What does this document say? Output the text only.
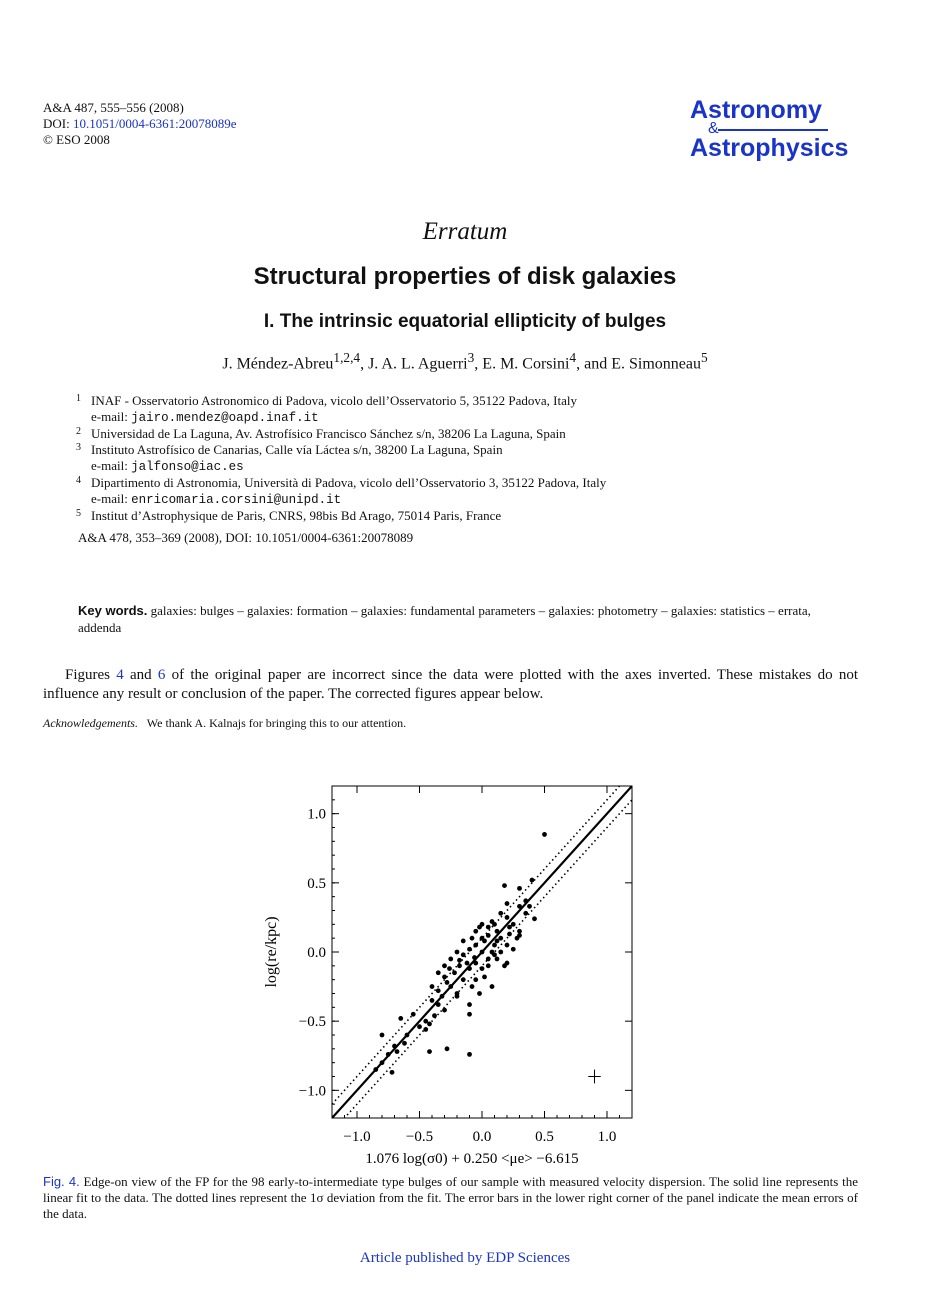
A&A 487, 555–556 (2008)
DOI: 10.1051/0004-6361:20078089e
© ESO 2008
Astronomy
&
Astrophysics
Erratum
Structural properties of disk galaxies
I. The intrinsic equatorial ellipticity of bulges
J. Méndez-Abreu$^{1,2,4}$, J. A. L. Aguerri$^3$, E. M. Corsini$^4$, and E. Simonneau$^5$
1 INAF - Osservatorio Astronomico di Padova, vicolo dell’Osservatorio 5, 35122 Padova, Italy
e-mail: jairo.mendez@oapd.inaf.it
2 Universidad de La Laguna, Av. Astrofísico Francisco Sánchez s/n, 38206 La Laguna, Spain
3 Instituto Astrofísico de Canarias, Calle vía Láctea s/n, 38200 La Laguna, Spain
e-mail: jalfonso@iac.es
4 Dipartimento di Astronomia, Università di Padova, vicolo dell’Osservatorio 3, 35122 Padova, Italy
e-mail: enricomaria.corsini@unipd.it
5 Institut d’Astrophysique de Paris, CNRS, 98bis Bd Arago, 75014 Paris, France
A&A 478, 353–369 (2008), DOI: 10.1051/0004-6361:20078089
Key words. galaxies: bulges – galaxies: formation – galaxies: fundamental parameters – galaxies: photometry – galaxies: statistics – errata, addenda
Figures 4 and 6 of the original paper are incorrect since the data were plotted with the axes inverted. These mistakes do not influence any result or conclusion of the paper. The corrected figures appear below.
Acknowledgements. We thank A. Kalnajs for bringing this to our attention.
−1.0 −0.5	0.0	0.5	1.0
−1.0
−0.5
0.0
0.5
1.0
1.076 log(σ0) + 0.250 <μe> −6.615
log(re/kpc)
Fig. 4. Edge-on view of the FP for the 98 early-to-intermediate type bulges of our sample with measured velocity dispersion. The solid line represents the linear fit to the data. The dotted lines represent the 1σ deviation from the fit. The error bars in the lower right corner of the panel indicate the mean errors of the data.
Article published by EDP Sciences
